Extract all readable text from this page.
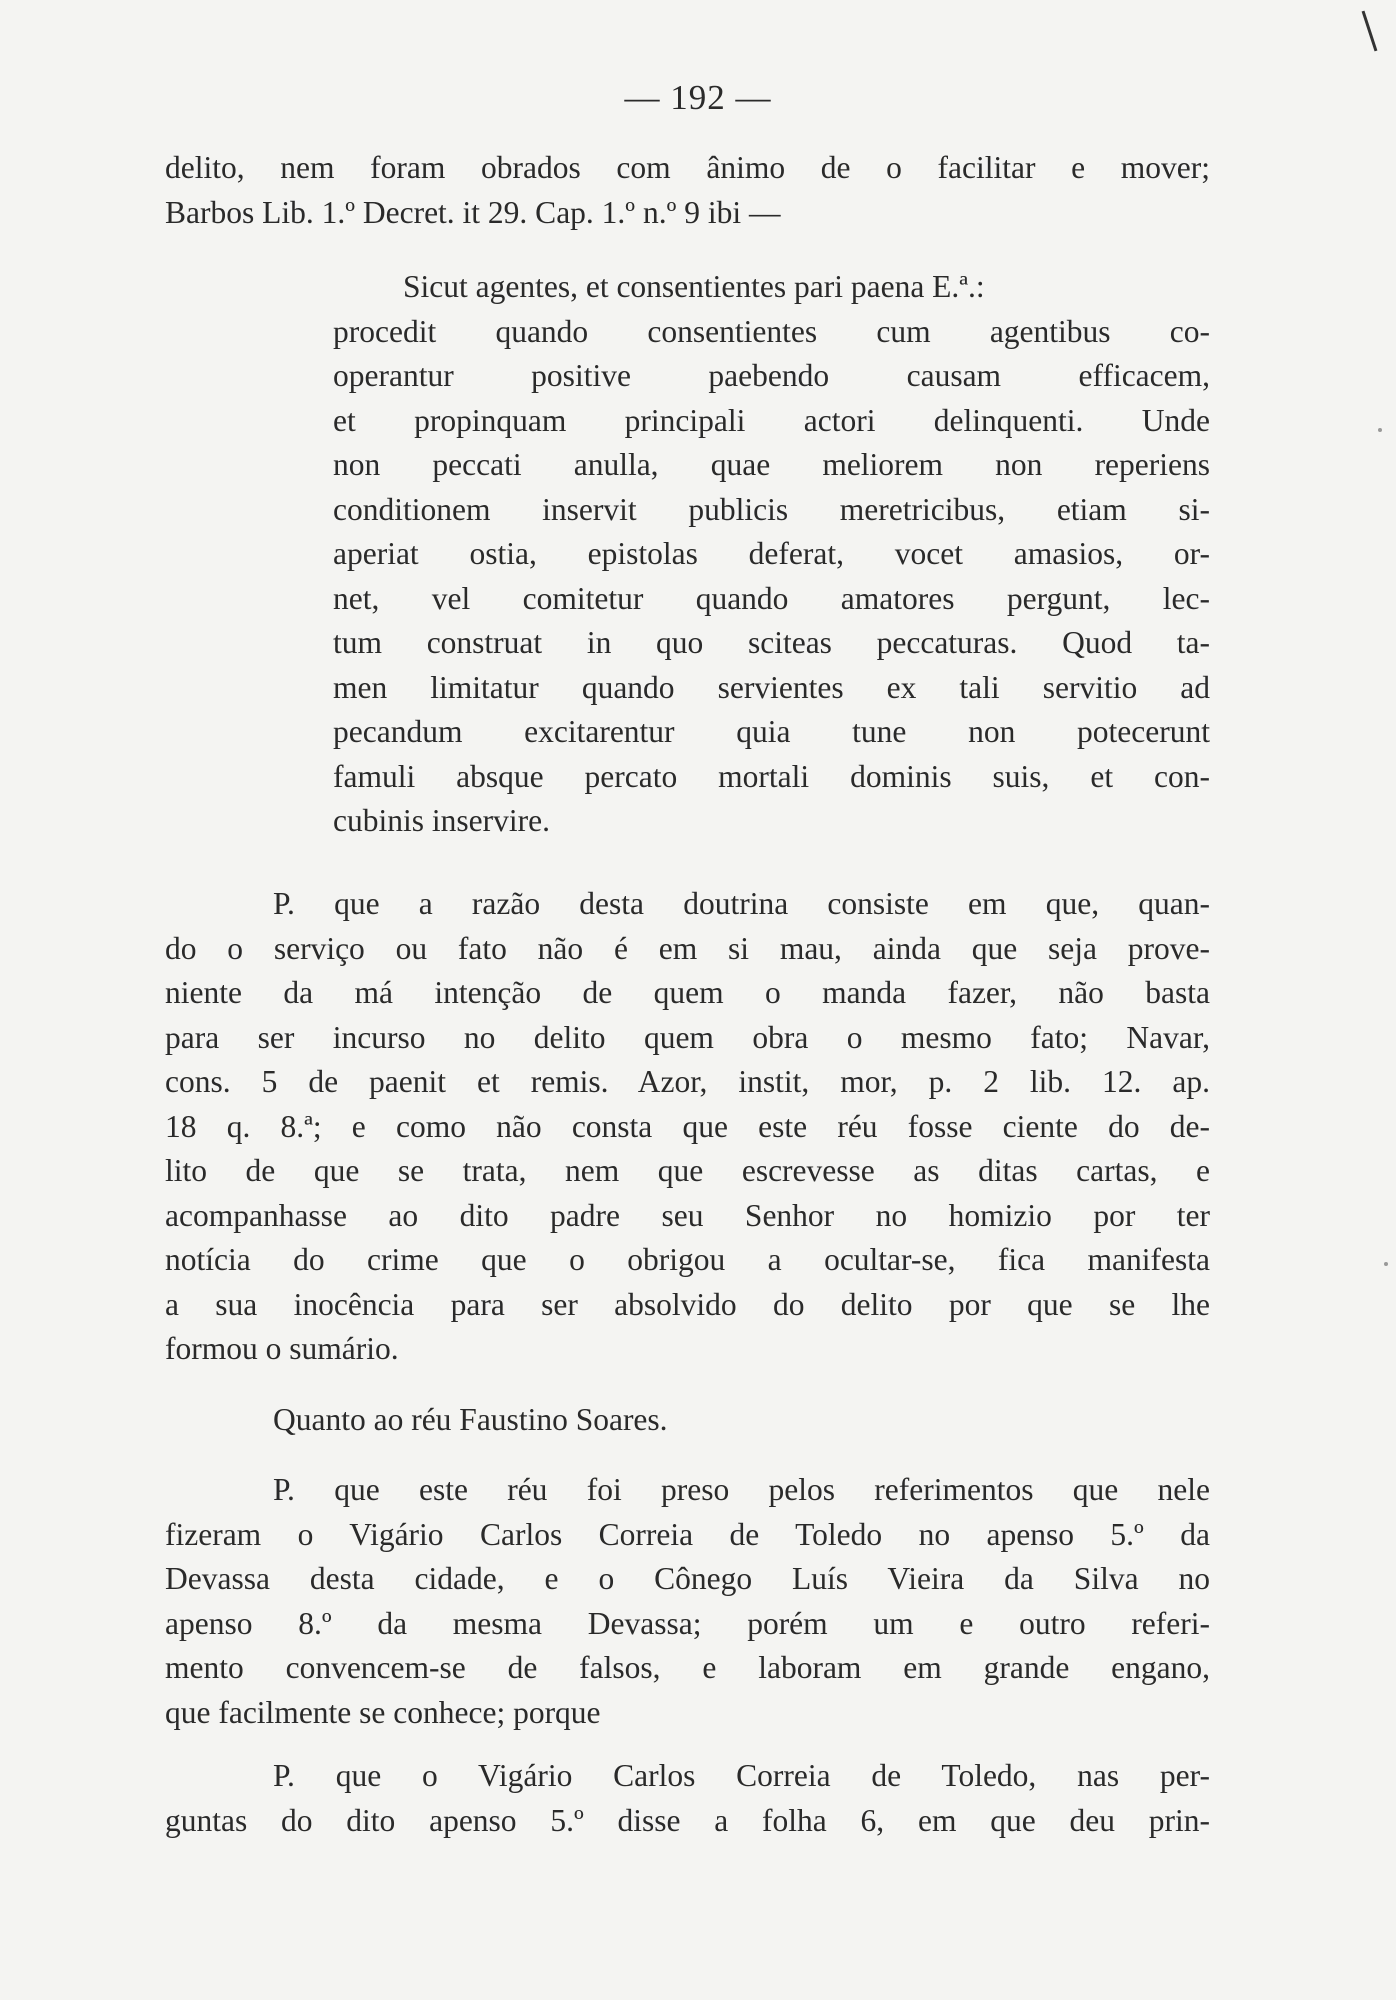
— 192 —
delito, nem foram obrados com ânimo de o facilitar e mover;
Barbos Lib. 1.º Decret. it 29. Cap. 1.º n.º 9 ibi —
Sicut agentes, et consentientes pari paena E.ª.:
procedit quando consentientes cum agentibus co-
operantur positive paebendo causam efficacem,
et propinquam principali actori delinquenti. Unde
non peccati anulla, quae meliorem non reperiens
conditionem inservit publicis meretricibus, etiam si-
aperiat ostia, epistolas deferat, vocet amasios, or-
net, vel comitetur quando amatores pergunt, lec-
tum construat in quo sciteas peccaturas. Quod ta-
men limitatur quando servientes ex tali servitio ad
pecandum excitarentur quia tune non potecerunt
famuli absque percato mortali dominis suis, et con-
cubinis inservire.
P. que a razão desta doutrina consiste em que, quan-
do o serviço ou fato não é em si mau, ainda que seja prove-
niente da má intenção de quem o manda fazer, não basta
para ser incurso no delito quem obra o mesmo fato; Navar,
cons. 5 de paenit et remis. Azor, instit, mor, p. 2 lib. 12. ap.
18 q. 8.ª; e como não consta que este réu fosse ciente do de-
lito de que se trata, nem que escrevesse as ditas cartas, e
acompanhasse ao dito padre seu Senhor no homizio por ter
notícia do crime que o obrigou a ocultar-se, fica manifesta
a sua inocência para ser absolvido do delito por que se lhe
formou o sumário.
Quanto ao réu Faustino Soares.
P. que este réu foi preso pelos referimentos que nele
fizeram o Vigário Carlos Correia de Toledo no apenso 5.º da
Devassa desta cidade, e o Cônego Luís Vieira da Silva no
apenso 8.º da mesma Devassa; porém um e outro referi-
mento convencem-se de falsos, e laboram em grande engano,
que facilmente se conhece; porque
P. que o Vigário Carlos Correia de Toledo, nas per-
guntas do dito apenso 5.º disse a folha 6, em que deu prin-
